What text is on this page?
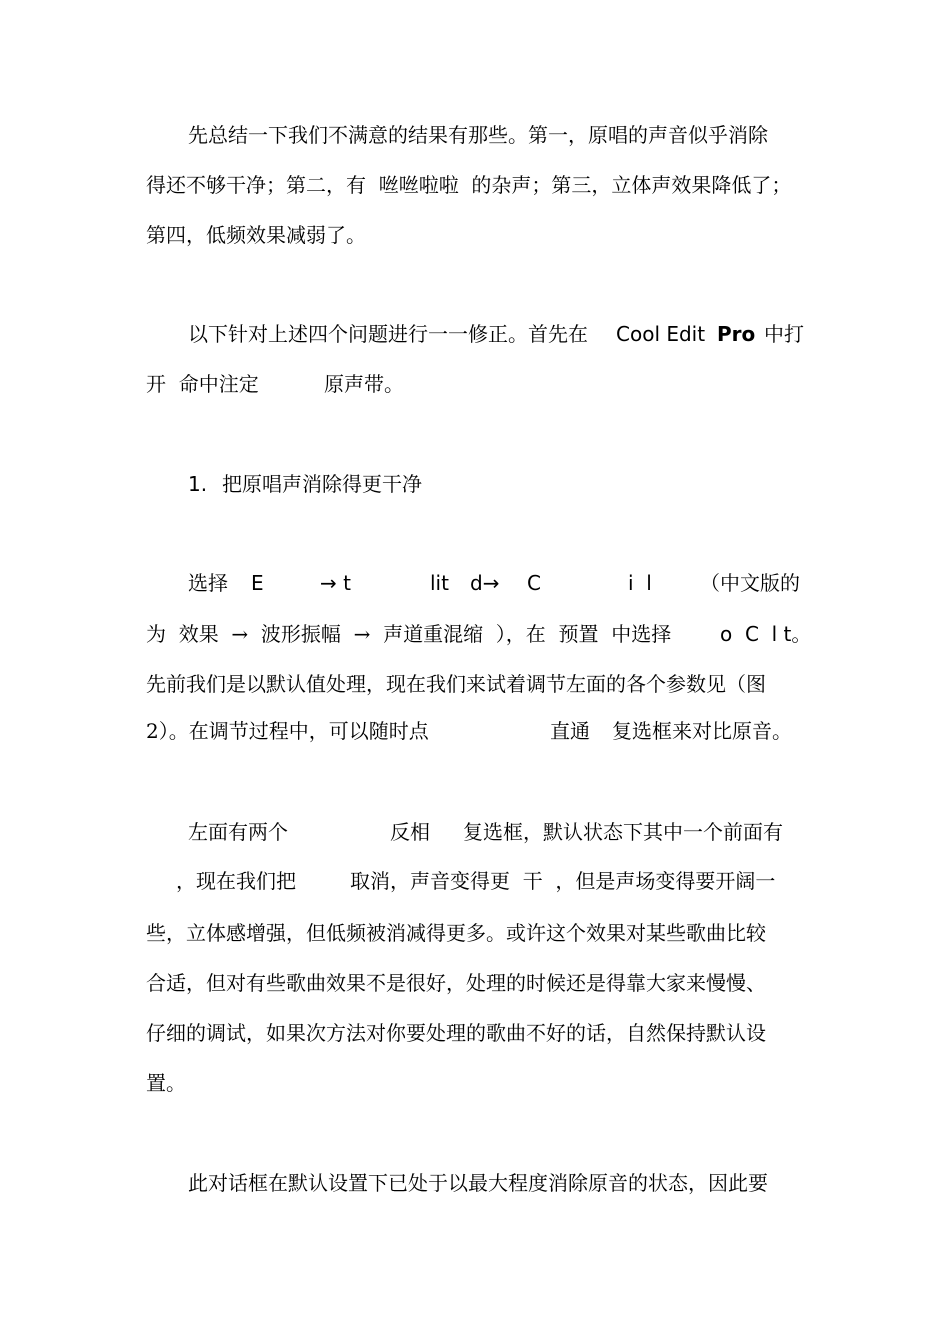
先总结一下我们不满意的结果有那些。第一，原唱的声音似乎消除

得还不够干净；第二，有  咝咝啦啦  的杂声；第三，立体声效果降低了；

第四，低频效果减弱了。

以下针对上述四个问题进行一一修正。首先在

Cool Edit

Pro

中打

开  命中注定

	原声带。

1.

把原唱声消除得更干净

选择

E

	→ t

	lit

d→

C

	i  l

（中文版的

为  效果  →  波形振幅  →  声道重混缩  ），在  预置  中选择

o  C  l t。

先前我们是以默认值处理，现在我们来试着调节左面的各个参数见（图

2）。在调节过程中，可以随时点

	直通

复选框来对比原音。

左面有两个

	反相

复选框，默认状态下其中一个前面有

，现在我们把

	取消，声音变得更  干  ，但是声场变得要开阔一

些，立体感增强，但低频被消减得更多。或许这个效果对某些歌曲比较

合适，但对有些歌曲效果不是很好，处理的时候还是得靠大家来慢慢、

仔细的调试，如果次方法对你要处理的歌曲不好的话，自然保持默认设

置。

此对话框在默认设置下已处于以最大程度消除原音的状态，因此要
